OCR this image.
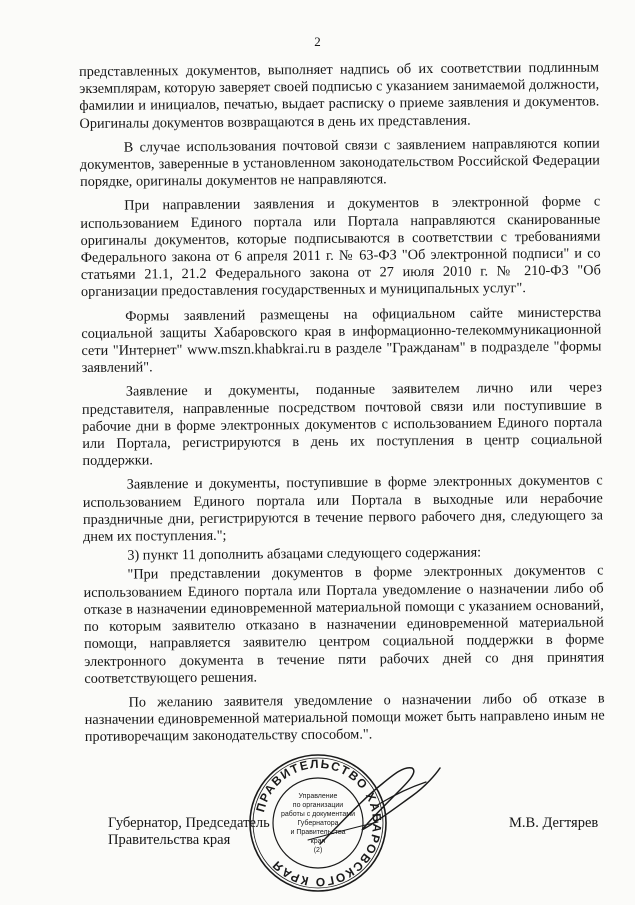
2

представленных документов, выполняет надпись об их соответствии подлинным экземплярам, которую заверяет своей подписью с указанием занимаемой должности, фамилии и инициалов, печатью, выдает расписку о приеме заявления и документов. Оригиналы документов возвращаются в день их представления.

В случае использования почтовой связи с заявлением направляются копии документов, заверенные в установленном законодательством Российской Федерации порядке, оригиналы документов не направляются.

При направлении заявления и документов в электронной форме с использованием Единого портала или Портала направляются сканированные оригиналы документов, которые подписываются в соответствии с требованиями Федерального закона от 6 апреля 2011 г. № 63-ФЗ "Об электронной подписи" и со статьями 21.1, 21.2 Федерального закона от 27 июля 2010 г. № 210-ФЗ "Об организации предоставления государственных и муниципальных услуг".

Формы заявлений размещены на официальном сайте министерства социальной защиты Хабаровского края в информационно-телекоммуникационной сети "Интернет" www.mszn.khabkrai.ru в разделе "Гражданам" в подразделе "формы заявлений".

Заявление и документы, поданные заявителем лично или через представителя, направленные посредством почтовой связи или поступившие в рабочие дни в форме электронных документов с использованием Единого портала или Портала, регистрируются в день их поступления в центр социальной поддержки.

Заявление и документы, поступившие в форме электронных документов с использованием Единого портала или Портала в выходные или нерабочие праздничные дни, регистрируются в течение первого рабочего дня, следующего за днем их поступления.";

3) пункт 11 дополнить абзацами следующего содержания:

"При представлении документов в форме электронных документов с использованием Единого портала или Портала уведомление о назначении либо об отказе в назначении единовременной материальной помощи с указанием оснований, по которым заявителю отказано в назначении единовременной материальной помощи, направляется заявителю центром социальной поддержки в форме электронного документа в течение пяти рабочих дней со дня принятия соответствующего решения.

По желанию заявителя уведомление о назначении либо об отказе в назначении единовременной материальной помощи может быть направлено иным не противоречащим законодательству способом.".

Губернатор, Председатель
Правительства края
М.В. Дегтярев
ПРАВИТЕЛЬСТВО ХАБАРОВСКОГО КРАЯ
Управление
по организации
работы с документами
Губернатора
и Правительства
края
(2)
